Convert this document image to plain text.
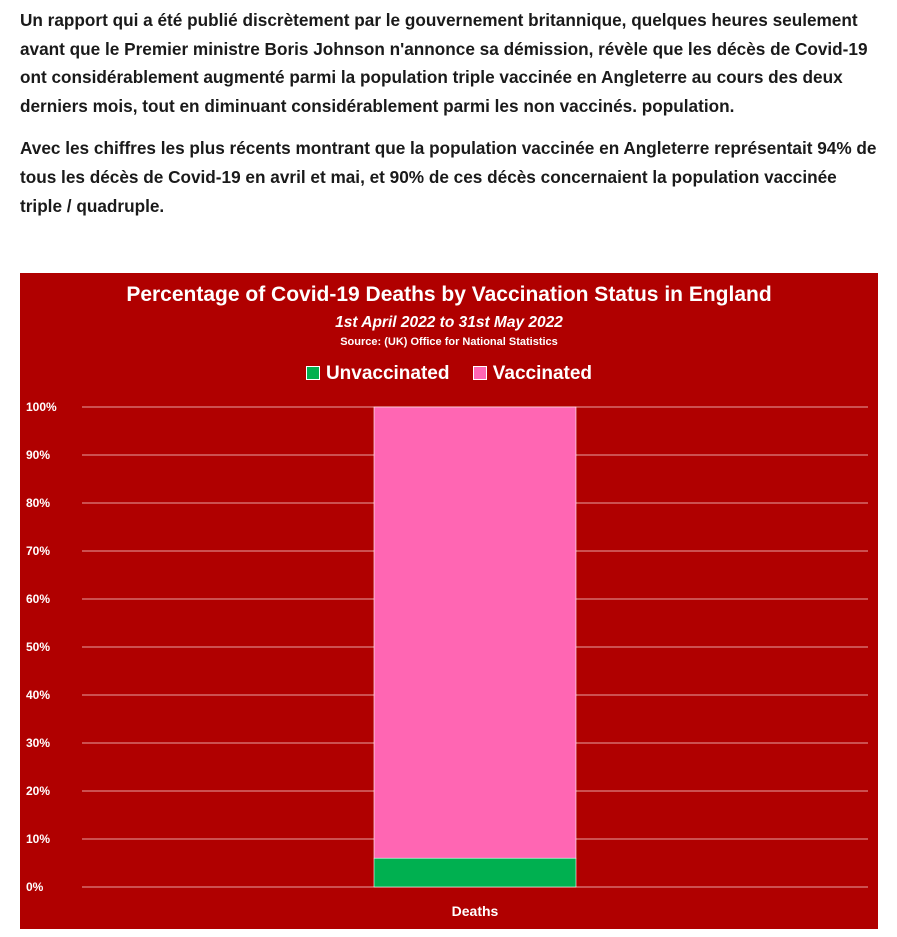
Un rapport qui a été publié discrètement par le gouvernement britannique, quelques heures seulement avant que le Premier ministre Boris Johnson n'annonce sa démission, révèle que les décès de Covid-19 ont considérablement augmenté parmi la population triple vaccinée en Angleterre au cours des deux derniers mois, tout en diminuant considérablement parmi les non vaccinés. population.

Avec les chiffres les plus récents montrant que la population vaccinée en Angleterre représentait 94% de tous les décès de Covid-19 en avril et mai, et 90% de ces décès concernaient la population vaccinée triple / quadruple.

0%
10%
20%
30%
40%
50%
60%
70%
80%
90%
100%
Deaths
Percentage of Covid-19 Deaths by Vaccination Status in England
1st April 2022 to 31st May 2022
Source: (UK) Office for National Statistics
Unvaccinated Vaccinated
